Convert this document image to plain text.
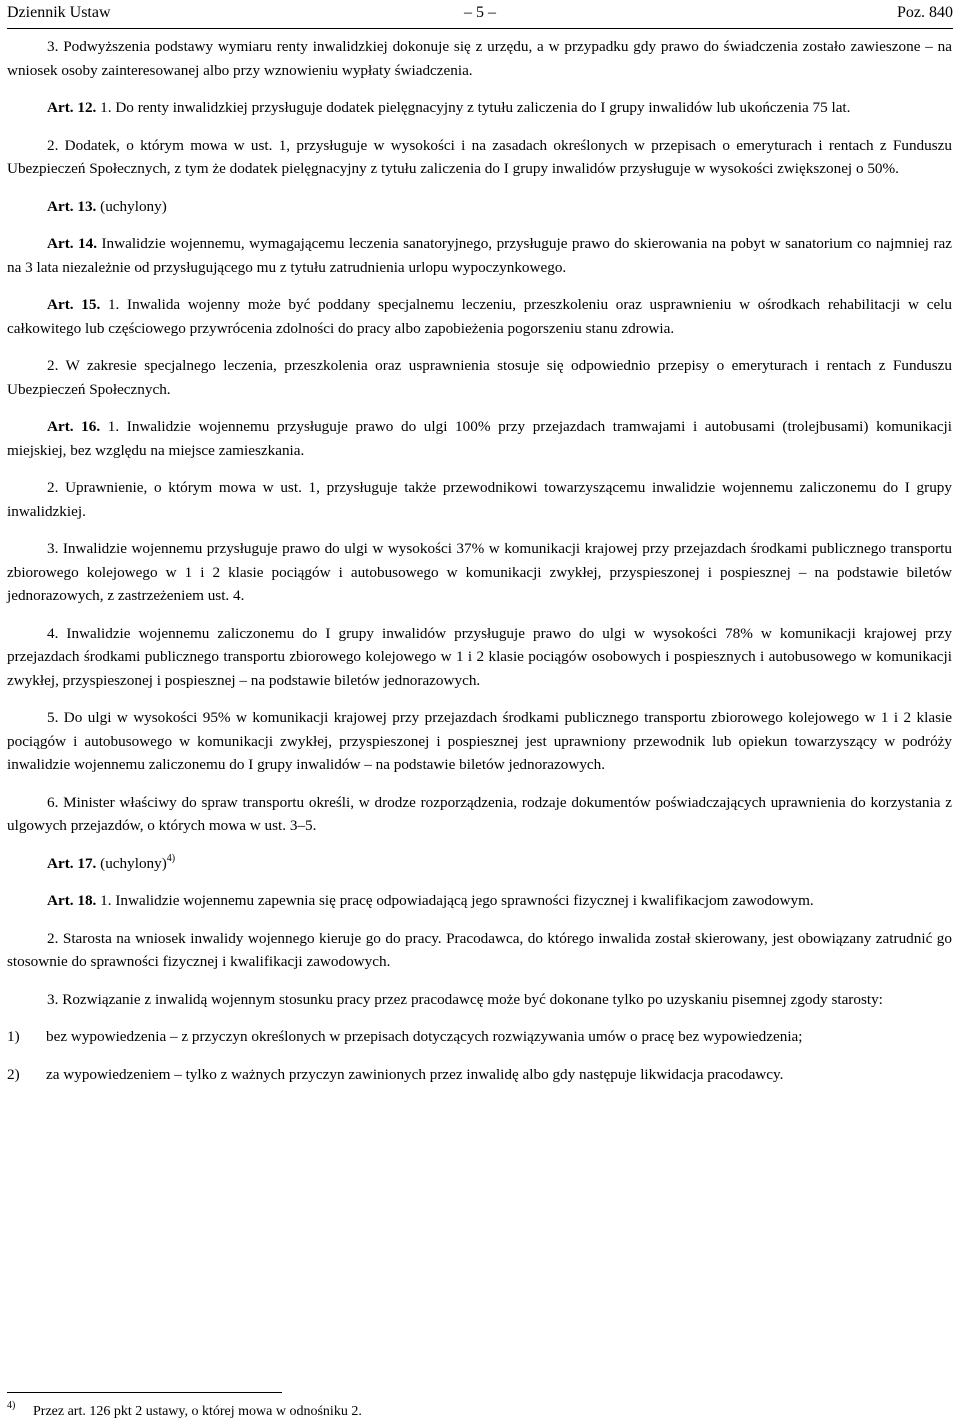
Dziennik Ustaw	– 5 –	Poz. 840

3. Podwyższenia podstawy wymiaru renty inwalidzkiej dokonuje się z urzędu, a w przypadku gdy prawo do świadczenia zostało zawieszone – na wniosek osoby zainteresowanej albo przy wznowieniu wypłaty świadczenia.

Art. 12. 1. Do renty inwalidzkiej przysługuje dodatek pielęgnacyjny z tytułu zaliczenia do I grupy inwalidów lub ukończenia 75 lat.

2. Dodatek, o którym mowa w ust. 1, przysługuje w wysokości i na zasadach określonych w przepisach o emeryturach i rentach z Funduszu Ubezpieczeń Społecznych, z tym że dodatek pielęgnacyjny z tytułu zaliczenia do I grupy inwalidów przysługuje w wysokości zwiększonej o 50%.

Art. 13. (uchylony)

Art. 14. Inwalidzie wojennemu, wymagającemu leczenia sanatoryjnego, przysługuje prawo do skierowania na pobyt w sanatorium co najmniej raz na 3 lata niezależnie od przysługującego mu z tytułu zatrudnienia urlopu wypoczynkowego.

Art. 15. 1. Inwalida wojenny może być poddany specjalnemu leczeniu, przeszkoleniu oraz usprawnieniu w ośrodkach rehabilitacji w celu całkowitego lub częściowego przywrócenia zdolności do pracy albo zapobieżenia pogorszeniu stanu zdrowia.

2. W zakresie specjalnego leczenia, przeszkolenia oraz usprawnienia stosuje się odpowiednio przepisy o emeryturach i rentach z Funduszu Ubezpieczeń Społecznych.

Art. 16. 1. Inwalidzie wojennemu przysługuje prawo do ulgi 100% przy przejazdach tramwajami i autobusami (trolejbusami) komunikacji miejskiej, bez względu na miejsce zamieszkania.

2. Uprawnienie, o którym mowa w ust. 1, przysługuje także przewodnikowi towarzyszącemu inwalidzie wojennemu zaliczonemu do I grupy inwalidzkiej.

3. Inwalidzie wojennemu przysługuje prawo do ulgi w wysokości 37% w komunikacji krajowej przy przejazdach środkami publicznego transportu zbiorowego kolejowego w 1 i 2 klasie pociągów i autobusowego w komunikacji zwykłej, przyspieszonej i pospiesznej – na podstawie biletów jednorazowych, z zastrzeżeniem ust. 4.

4. Inwalidzie wojennemu zaliczonemu do I grupy inwalidów przysługuje prawo do ulgi w wysokości 78% w komunikacji krajowej przy przejazdach środkami publicznego transportu zbiorowego kolejowego w 1 i 2 klasie pociągów osobowych i pospiesznych i autobusowego w komunikacji zwykłej, przyspieszonej i pospiesznej – na podstawie biletów jednorazowych.

5. Do ulgi w wysokości 95% w komunikacji krajowej przy przejazdach środkami publicznego transportu zbiorowego kolejowego w 1 i 2 klasie pociągów i autobusowego w komunikacji zwykłej, przyspieszonej i pospiesznej jest uprawniony przewodnik lub opiekun towarzyszący w podróży inwalidzie wojennemu zaliczonemu do I grupy inwalidów – na podstawie biletów jednorazowych.

6. Minister właściwy do spraw transportu określi, w drodze rozporządzenia, rodzaje dokumentów poświadczających uprawnienia do korzystania z ulgowych przejazdów, o których mowa w ust. 3–5.

Art. 17. (uchylony)$^{4)}$

Art. 18. 1. Inwalidzie wojennemu zapewnia się pracę odpowiadającą jego sprawności fizycznej i kwalifikacjom zawodowym.

2. Starosta na wniosek inwalidy wojennego kieruje go do pracy. Pracodawca, do którego inwalida został skierowany, jest obowiązany zatrudnić go stosownie do sprawności fizycznej i kwalifikacji zawodowych.

3. Rozwiązanie z inwalidą wojennym stosunku pracy przez pracodawcę może być dokonane tylko po uzyskaniu pisemnej zgody starosty:

1) bez wypowiedzenia – z przyczyn określonych w przepisach dotyczących rozwiązywania umów o pracę bez wypowiedzenia;
2) za wypowiedzeniem – tylko z ważnych przyczyn zawinionych przez inwalidę albo gdy następuje likwidacja pracodawcy.
4) Przez art. 126 pkt 2 ustawy, o której mowa w odnośniku 2.
